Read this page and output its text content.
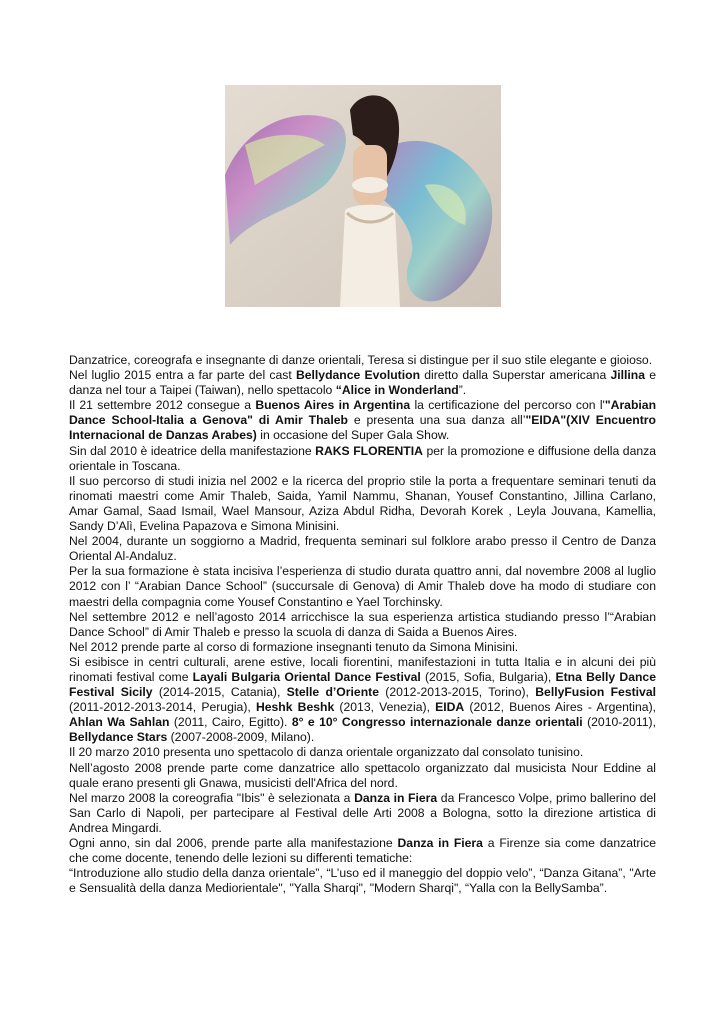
Danzatrice, coreografa e insegnante di danze orientali, Teresa si distingue per il suo stile elegante e gioioso.

Nel luglio 2015 entra a far parte del cast Bellydance Evolution diretto dalla Superstar americana Jillina e danza nel tour a Taipei (Taiwan), nello spettacolo “Alice in Wonderland”.

Il 21 settembre 2012 consegue a Buenos Aires in Argentina la certificazione del percorso con l'"Arabian Dance School-Italia a Genova" di Amir Thaleb e presenta una sua danza all’"EIDA"(XIV Encuentro Internacional de Danzas Arabes) in occasione del Super Gala Show.

Sin dal 2010 è ideatrice della manifestazione RAKS FLORENTIA per la promozione e diffusione della danza orientale in Toscana.

Il suo percorso di studi inizia nel 2002 e la ricerca del proprio stile la porta a frequentare seminari tenuti da rinomati maestri come Amir Thaleb, Saida, Yamil Nammu, Shanan, Yousef Constantino, Jillina Carlano, Amar Gamal, Saad Ismail, Wael Mansour, Aziza Abdul Ridha, Devorah Korek , Leyla Jouvana, Kamellia, Sandy D’Alì, Evelina Papazova e Simona Minisini.

Nel 2004, durante un soggiorno a Madrid, frequenta seminari sul folklore arabo presso il Centro de Danza Oriental Al-Andaluz.

Per la sua formazione è stata incisiva l’esperienza di studio durata quattro anni, dal novembre 2008 al luglio 2012 con l’ “Arabian Dance School” (succursale di Genova) di Amir Thaleb dove ha modo di studiare con maestri della compagnia come Yousef Constantino e Yael Torchinsky.

Nel settembre 2012 e nell’agosto 2014 arricchisce la sua esperienza artistica studiando presso l’“Arabian Dance School” di Amir Thaleb e presso la scuola di danza di Saida a Buenos Aires.

Nel 2012 prende parte al corso di formazione insegnanti tenuto da Simona Minisini.

Si esibisce in centri culturali, arene estive, locali fiorentini, manifestazioni in tutta Italia e in alcuni dei più rinomati festival come Layali Bulgaria Oriental Dance Festival (2015, Sofia, Bulgaria), Etna Belly Dance Festival Sicily (2014-2015, Catania), Stelle d’Oriente (2012-2013-2015, Torino), BellyFusion Festival (2011-2012-2013-2014, Perugia), Heshk Beshk (2013, Venezia), EIDA (2012, Buenos Aires - Argentina), Ahlan Wa Sahlan (2011, Cairo, Egitto). 8° e 10° Congresso internazionale danze orientali (2010-2011), Bellydance Stars (2007-2008-2009, Milano).

Il 20 marzo 2010 presenta uno spettacolo di danza orientale organizzato dal consolato tunisino.

Nell’agosto 2008 prende parte come danzatrice allo spettacolo organizzato dal musicista Nour Eddine al quale erano presenti gli Gnawa, musicisti dell'Africa del nord.

Nel marzo 2008 la coreografia "Ibis" è selezionata a Danza in Fiera da Francesco Volpe, primo ballerino del San Carlo di Napoli, per partecipare al Festival delle Arti 2008 a Bologna, sotto la direzione artistica di Andrea Mingardi.

Ogni anno, sin dal 2006, prende parte alla manifestazione Danza in Fiera a Firenze sia come danzatrice che come docente, tenendo delle lezioni su differenti tematiche:

“Introduzione allo studio della danza orientale”, “L’uso ed il maneggio del doppio velo”, “Danza Gitana”, "Arte e Sensualità della danza Mediorientale", "Yalla Sharqi", "Modern Sharqi", “Yalla con la BellySamba”.
